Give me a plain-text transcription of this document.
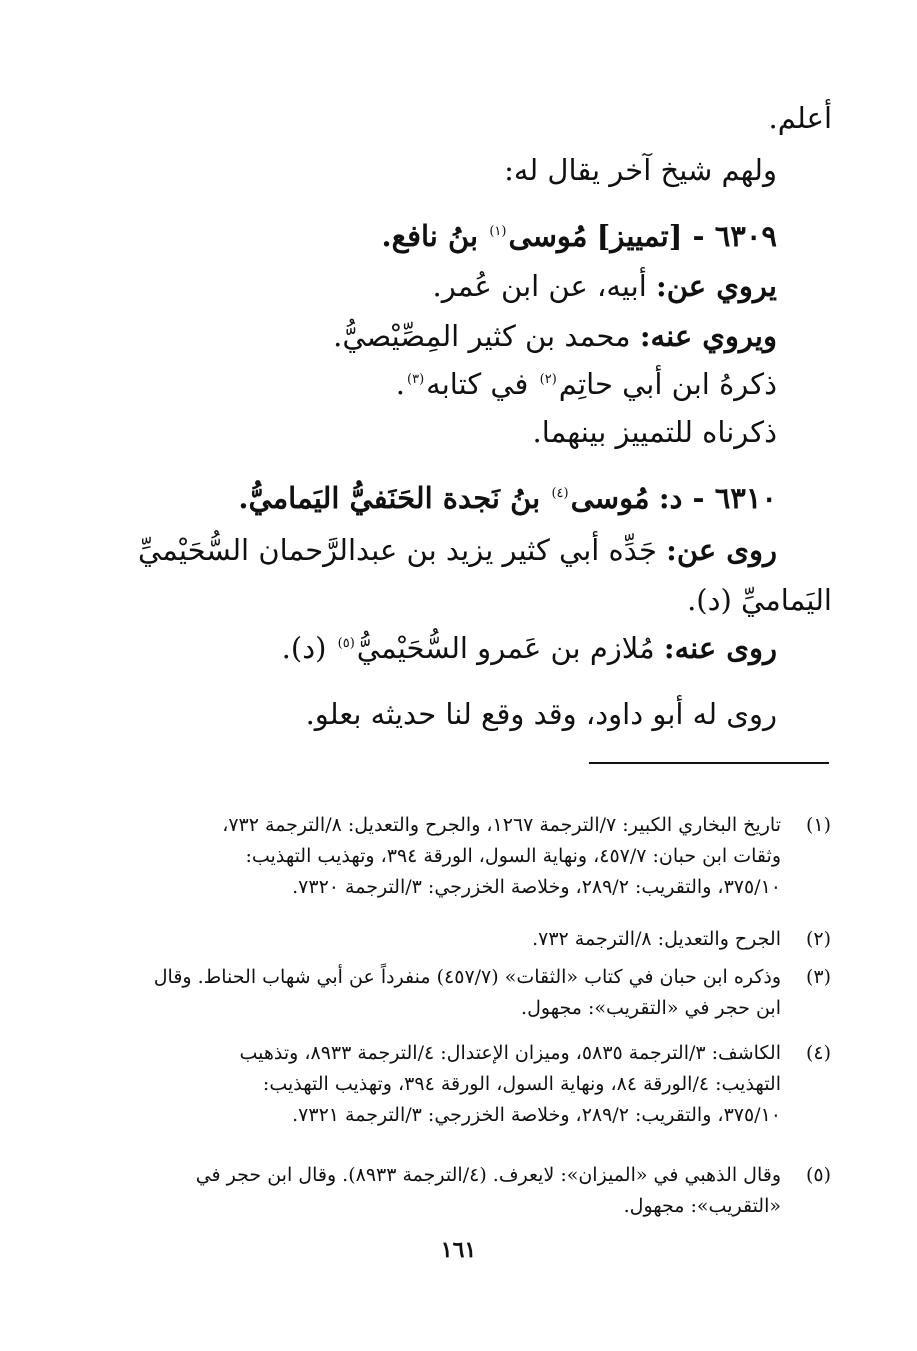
أعلم.
ولهم شيخ آخر يقال له:
٦٣٠٩ - [تمييز] مُوسى$^{(١)}$ بنُ نافع.
يروي عن: أبيه، عن ابن عُمر.
ويروي عنه: محمد بن كثير المِصِّيْصيُّ.
ذكرهُ ابن أبي حاتِم$^{(٢)}$ في كتابه$^{(٣)}$.
ذكرناه للتمييز بينهما.
٦٣١٠ - د: مُوسى$^{(٤)}$ بنُ نَجدة الحَنَفيُّ اليَماميُّ.
روى عن: جَدِّه أبي كثير يزيد بن عبدالرَّحمان السُّحَيْميِّ
اليَماميِّ (د).
روى عنه: مُلازم بن عَمرو السُّحَيْميُّ$^{(٥)}$ (د).
روى له أبو داود، وقد وقع لنا حديثه بعلو.
(١)
تاريخ البخاري الكبير: ٧/الترجمة ١٢٦٧، والجرح والتعديل: ٨/الترجمة ٧٣٢،
وثقات ابن حبان: ٤٥٧/٧، ونهاية السول، الورقة ٣٩٤، وتهذيب التهذيب:
٣٧٥/١٠، والتقريب: ٢٨٩/٢، وخلاصة الخزرجي: ٣/الترجمة ٧٣٢٠.
(٢)
الجرح والتعديل: ٨/الترجمة ٧٣٢.
(٣)
وذكره ابن حبان في كتاب «الثقات» (٤٥٧/٧) منفرداً عن أبي شهاب الحناط. وقال
ابن حجر في «التقريب»: مجهول.
(٤)
الكاشف: ٣/الترجمة ٥٨٣٥، وميزان الإعتدال: ٤/الترجمة ٨٩٣٣، وتذهيب
التهذيب: ٤/الورقة ٨٤، ونهاية السول، الورقة ٣٩٤، وتهذيب التهذيب:
٣٧٥/١٠، والتقريب: ٢٨٩/٢، وخلاصة الخزرجي: ٣/الترجمة ٧٣٢١.
(٥)
وقال الذهبي في «الميزان»: لايعرف. (٤/الترجمة ٨٩٣٣). وقال ابن حجر في
«التقريب»: مجهول.
١٦١
